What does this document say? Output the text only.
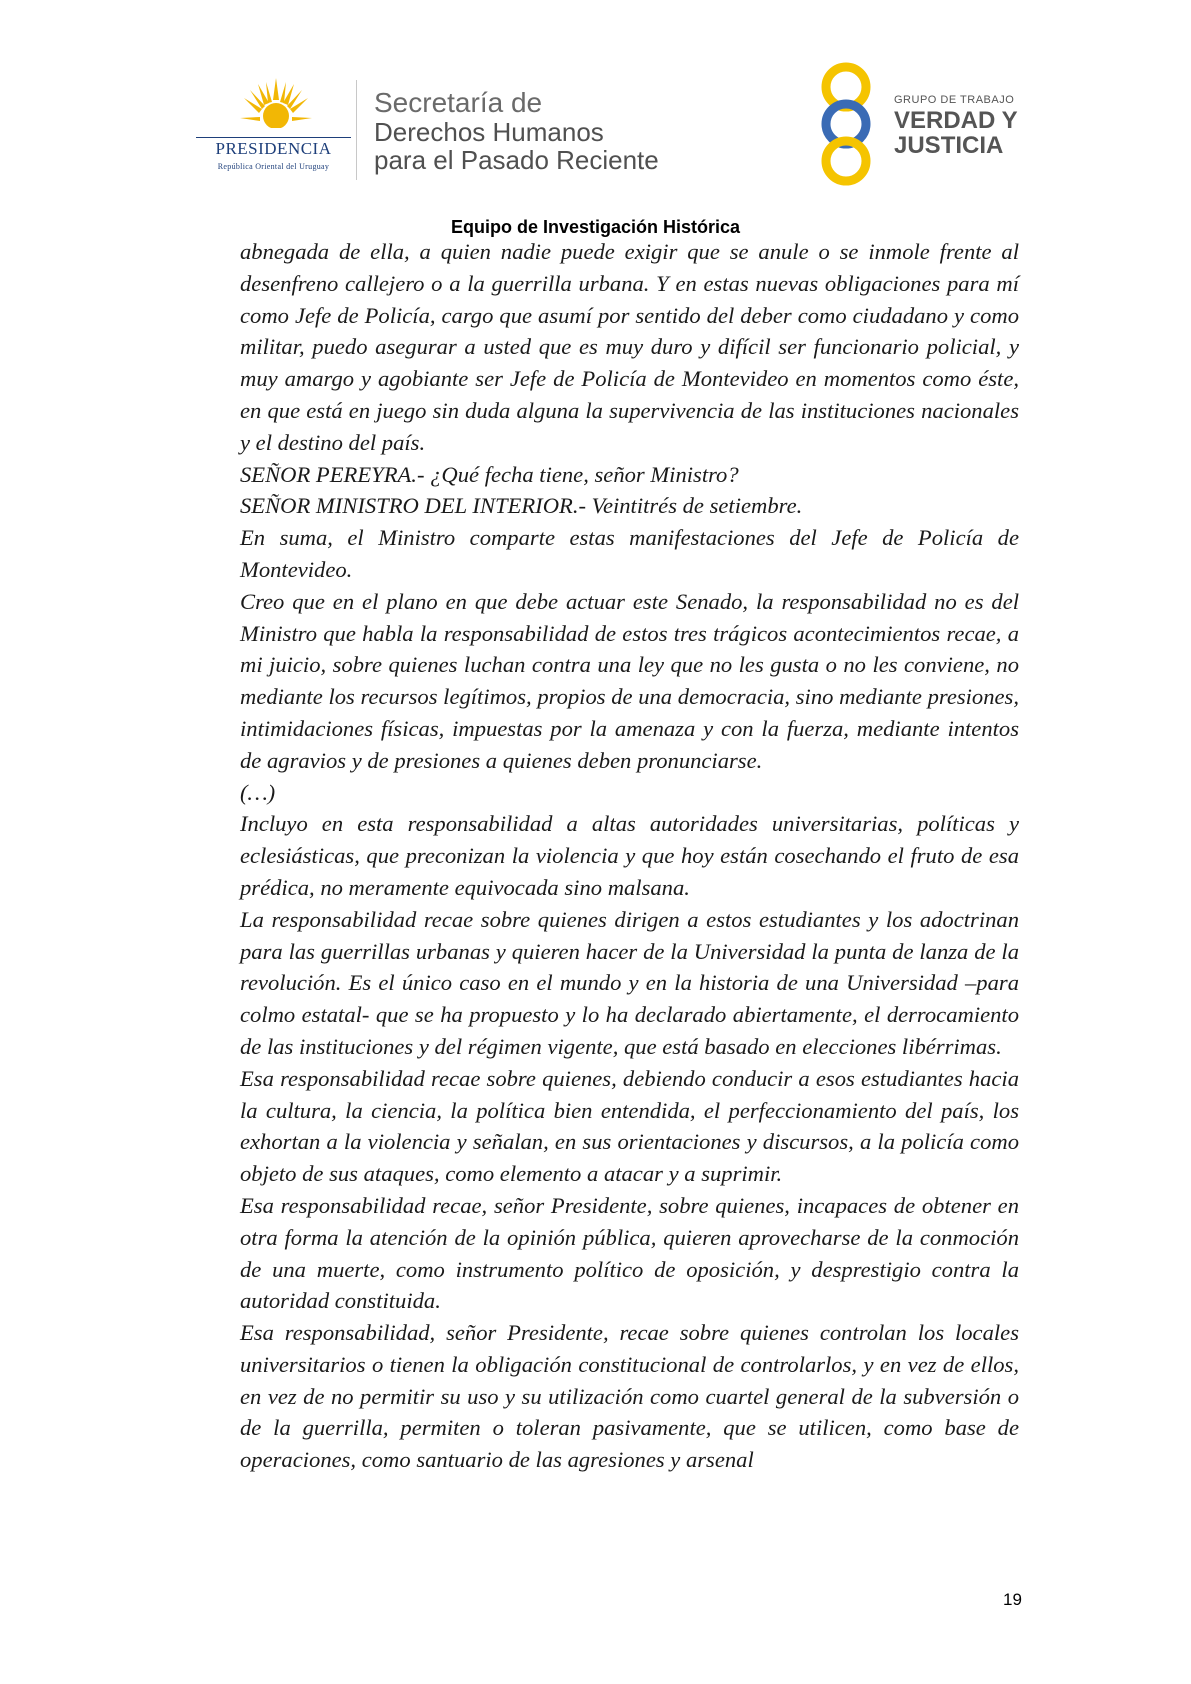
PRESIDENCIA
República Oriental del Uruguay
Secretaría de
Derechos Humanos
para el Pasado Reciente
GRUPO DE TRABAJO
VERDAD Y
JUSTICIA
Equipo de Investigación Histórica

abnegada de ella, a quien nadie puede exigir que se anule o se inmole frente al desenfreno callejero o a la guerrilla urbana. Y en estas nuevas obligaciones para mí como Jefe de Policía, cargo que asumí por sentido del deber como ciudadano y como militar, puedo asegurar a usted que es muy duro y difícil ser funcionario policial, y muy amargo y agobiante ser Jefe de Policía de Montevideo en momentos como éste, en que está en juego sin duda alguna la supervivencia de las instituciones nacionales y el destino del país.

SEÑOR PEREYRA.- ¿Qué fecha tiene, señor Ministro?

SEÑOR MINISTRO DEL INTERIOR.- Veintitrés de setiembre.

En suma, el Ministro comparte estas manifestaciones del Jefe de Policía de Montevideo.

Creo que en el plano en que debe actuar este Senado, la responsabilidad no es del Ministro que habla la responsabilidad de estos tres trágicos acontecimientos recae, a mi juicio, sobre quienes luchan contra una ley que no les gusta o no les conviene, no mediante los recursos legítimos, propios de una democracia, sino mediante presiones, intimidaciones físicas, impuestas por la amenaza y con la fuerza, mediante intentos de agravios y de presiones a quienes deben pronunciarse.

(…)

Incluyo en esta responsabilidad a altas autoridades universitarias, políticas y eclesiásticas, que preconizan la violencia y que hoy están cosechando el fruto de esa prédica, no meramente equivocada sino malsana.

La responsabilidad recae sobre quienes dirigen a estos estudiantes y los adoctrinan para las guerrillas urbanas y quieren hacer de la Universidad la punta de lanza de la revolución. Es el único caso en el mundo y en la historia de una Universidad –para colmo estatal- que se ha propuesto y lo ha declarado abiertamente, el derrocamiento de las instituciones y del régimen vigente, que está basado en elecciones libérrimas.

Esa responsabilidad recae sobre quienes, debiendo conducir a esos estudiantes hacia la cultura, la ciencia, la política bien entendida, el perfeccionamiento del país, los exhortan a la violencia y señalan, en sus orientaciones y discursos, a la policía como objeto de sus ataques, como elemento a atacar y a suprimir.

Esa responsabilidad recae, señor Presidente, sobre quienes, incapaces de obtener en otra forma la atención de la opinión pública, quieren aprovecharse de la conmoción de una muerte, como instrumento político de oposición, y desprestigio contra la autoridad constituida.

Esa responsabilidad, señor Presidente, recae sobre quienes controlan los locales universitarios o tienen la obligación constitucional de controlarlos, y en vez de ellos, en vez de no permitir su uso y su utilización como cuartel general de la subversión o de la guerrilla, permiten o toleran pasivamente, que se utilicen, como base de operaciones, como santuario de las agresiones y arsenal

19
